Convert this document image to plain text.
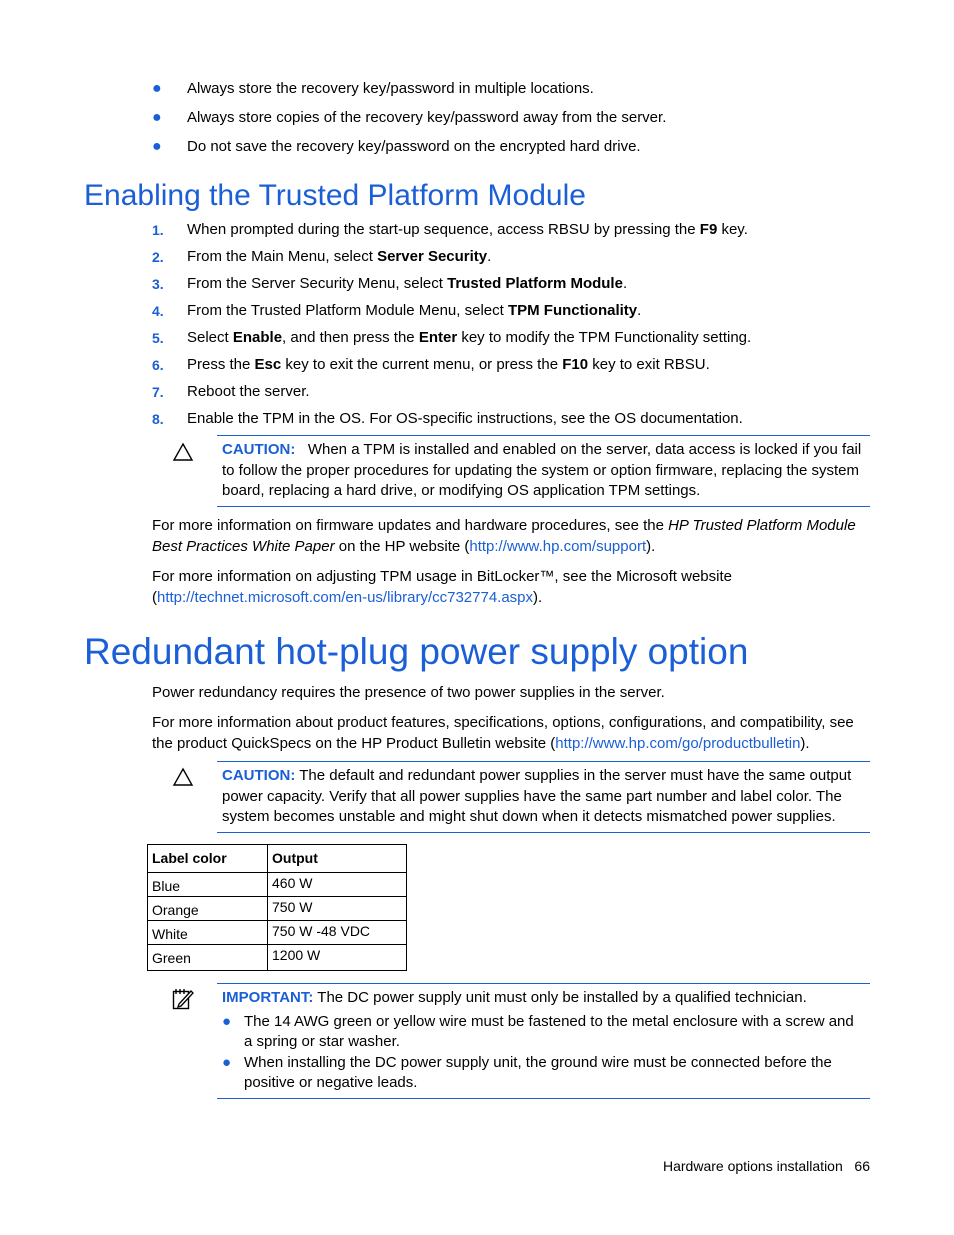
● Always store the recovery key/password in multiple locations.
● Always store copies of the recovery key/password away from the server.
● Do not save the recovery key/password on the encrypted hard drive.
Enabling the Trusted Platform Module
1. When prompted during the start-up sequence, access RBSU by pressing the F9 key.
2. From the Main Menu, select Server Security.
3. From the Server Security Menu, select Trusted Platform Module.
4. From the Trusted Platform Module Menu, select TPM Functionality.
5. Select Enable, and then press the Enter key to modify the TPM Functionality setting.
6. Press the Esc key to exit the current menu, or press the F10 key to exit RBSU.
7. Reboot the server.
8. Enable the TPM in the OS. For OS-specific instructions, see the OS documentation.
CAUTION: When a TPM is installed and enabled on the server, data access is locked if you fail to follow the proper procedures for updating the system or option firmware, replacing the system board, replacing a hard drive, or modifying OS application TPM settings.

For more information on firmware updates and hardware procedures, see the HP Trusted Platform Module Best Practices White Paper on the HP website (http://www.hp.com/support).

For more information on adjusting TPM usage in BitLocker™, see the Microsoft website (http://technet.microsoft.com/en-us/library/cc732774.aspx).

Redundant hot-plug power supply option

Power redundancy requires the presence of two power supplies in the server.

For more information about product features, specifications, options, configurations, and compatibility, see the product QuickSpecs on the HP Product Bulletin website (http://www.hp.com/go/productbulletin).

CAUTION: The default and redundant power supplies in the server must have the same output power capacity. Verify that all power supplies have the same part number and label color. The system becomes unstable and might shut down when it detects mismatched power supplies.
Label color	Output

Blue	460 W

Orange	750 W

White	750 W -48 VDC

Green	1200 W
IMPORTANT: The DC power supply unit must only be installed by a qualified technician.
● The 14 AWG green or yellow wire must be fastened to the metal enclosure with a screw and a spring or star washer.
● When installing the DC power supply unit, the ground wire must be connected before the positive or negative leads.
Hardware options installation 66
